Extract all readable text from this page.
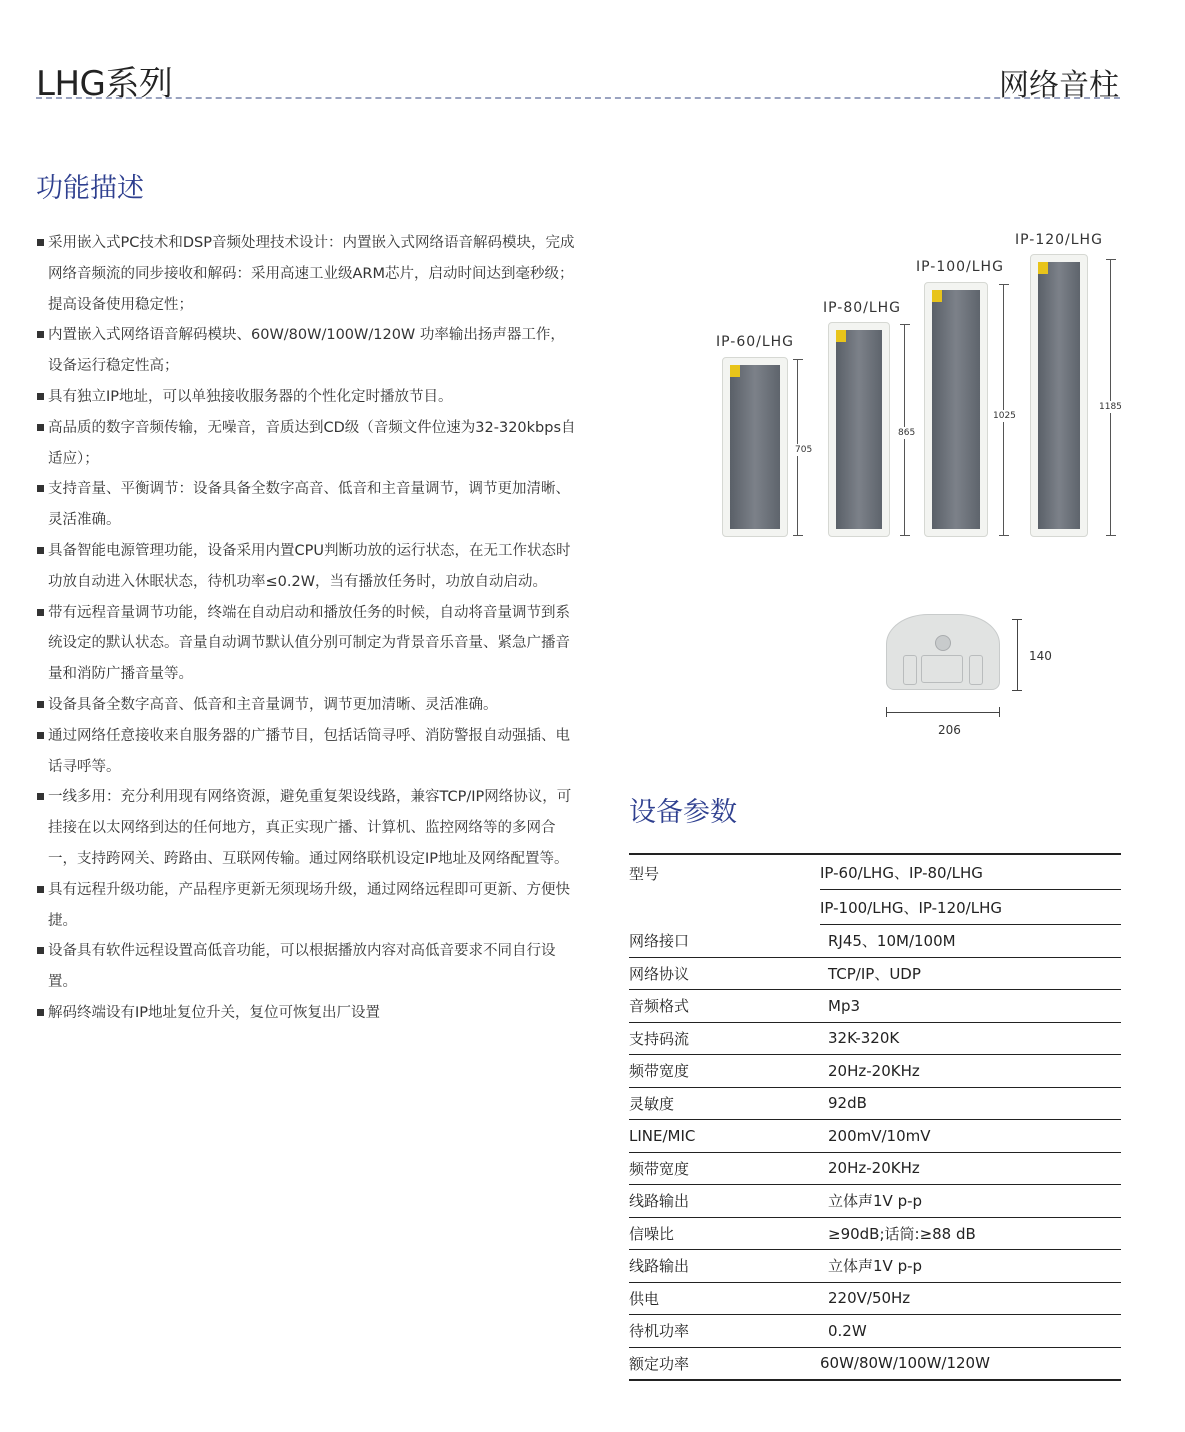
LHG系列	网络音柱
功能描述
采用嵌入式PC技术和DSP音频处理技术设计：内置嵌入式网络语音解码模块，完成网络音频流的同步接收和解码：采用高速工业级ARM芯片，启动时间达到毫秒级；提高设备使用稳定性；
内置嵌入式网络语音解码模块、60W/80W/100W/120W 功率输出扬声器工作，设备运行稳定性高；
具有独立IP地址，可以单独接收服务器的个性化定时播放节目。
高品质的数字音频传输，无噪音，音质达到CD级（音频文件位速为32-320kbps自适应）；
支持音量、平衡调节：设备具备全数字高音、低音和主音量调节，调节更加清晰、灵活准确。
具备智能电源管理功能，设备采用内置CPU判断功放的运行状态，在无工作状态时功放自动进入休眠状态，待机功率≤0.2W，当有播放任务时，功放自动启动。
带有远程音量调节功能，终端在自动启动和播放任务的时候，自动将音量调节到系统设定的默认状态。音量自动调节默认值分别可制定为背景音乐音量、紧急广播音量和消防广播音量等。
设备具备全数字高音、低音和主音量调节，调节更加清晰、灵活准确。
通过网络任意接收来自服务器的广播节目，包括话筒寻呼、消防警报自动强插、电话寻呼等。
一线多用：充分利用现有网络资源，避免重复架设线路，兼容TCP/IP网络协议，可挂接在以太网络到达的任何地方，真正实现广播、计算机、监控网络等的多网合一，支持跨网关、跨路由、互联网传输。通过网络联机设定IP地址及网络配置等。
具有远程升级功能，产品程序更新无须现场升级，通过网络远程即可更新、方便快捷。
设备具有软件远程设置高低音功能，可以根据播放内容对高低音要求不同自行设置。
解码终端设有IP地址复位升关，复位可恢复出厂设置
IP-60/LHG
705
IP-80/LHG
865
IP-100/LHG
1025
IP-120/LHG
1185
140
206
设备参数
型号	IP-60/LHG、IP-80/LHG
	IP-100/LHG、IP-120/LHG
网络接口	RJ45、10M/100M
网络协议	TCP/IP、UDP
音频格式	Mp3
支持码流	32K-320K
频带宽度	20Hz-20KHz
灵敏度	92dB
LINE/MIC	200mV/10mV
频带宽度	20Hz-20KHz
线路输出	立体声1V p-p
信噪比	≥90dB;话筒:≥88 dB
线路输出	立体声1V p-p
供电	220V/50Hz
待机功率	0.2W
额定功率	60W/80W/100W/120W
